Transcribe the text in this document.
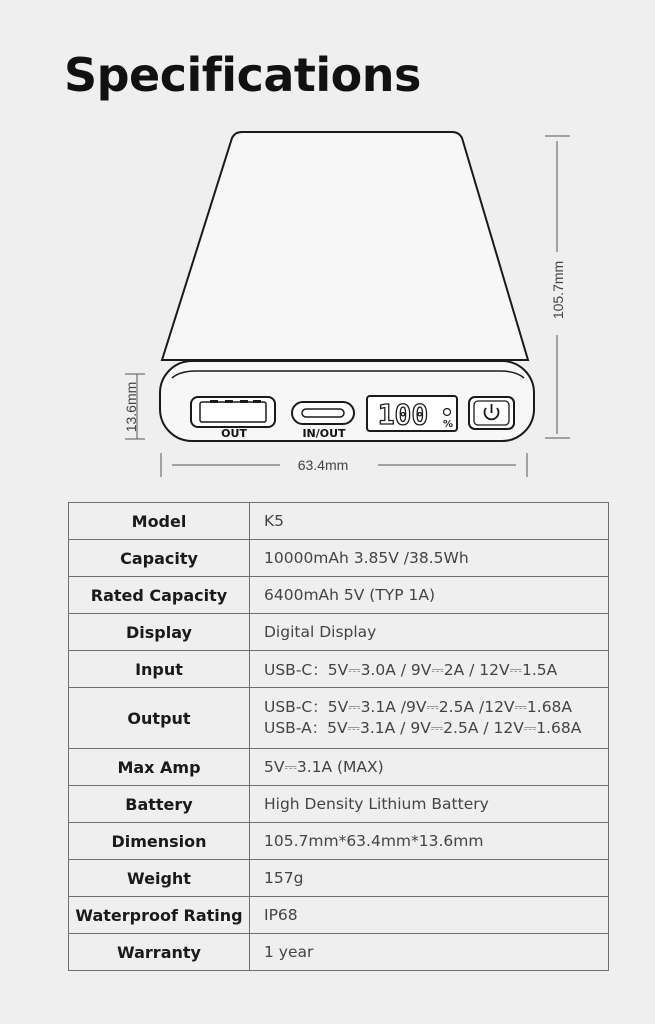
Specifications
OUT	IN/OUT
100 %
105.7mm
13.6mm
63.4mm
Model	K5
Capacity	10000mAh 3.85V /38.5Wh
Rated Capacity	6400mAh 5V (TYP 1A)
Display	Digital Display
Input	USB-C：5V⎓3.0A / 9V⎓2A / 12V⎓1.5A
Output	USB-C：5V⎓3.1A /9V⎓2.5A /12V⎓1.68A
USB-A：5V⎓3.1A / 9V⎓2.5A / 12V⎓1.68A

Max Amp	5V⎓3.1A (MAX)
Battery	High Density Lithium Battery
Dimension	105.7mm*63.4mm*13.6mm
Weight	157g
Waterproof Rating	IP68
Warranty	1 year
